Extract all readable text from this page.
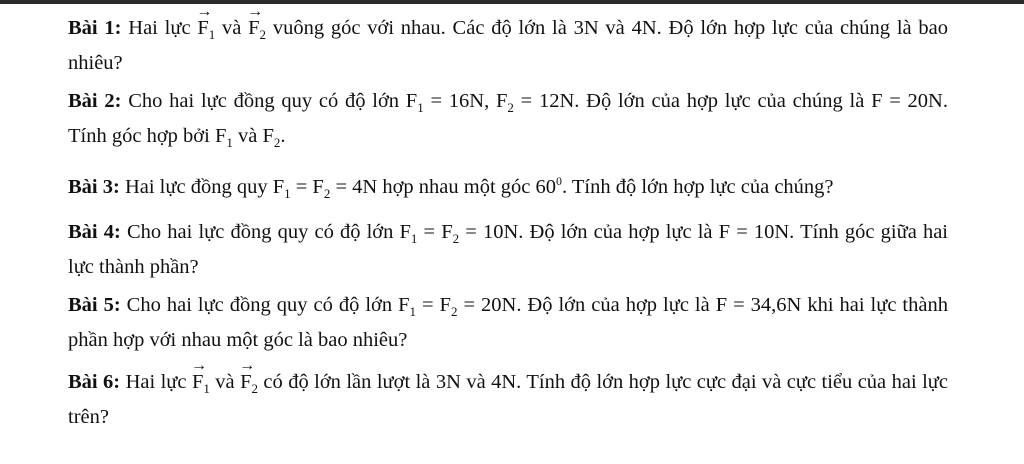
Bài 1: Hai lực
→
$F_1$ và
→
$F_2$ vuông góc với nhau. Các độ lớn là 3N và 4N. Độ lớn hợp lực của chúng là bao nhiêu?

Bài 2: Cho hai lực đồng quy có độ lớn $F_1 = 16N$, $F_2 = 12N$. Độ lớn của hợp lực của chúng là F = 20N. Tính góc hợp bởi $F_1$ và $F_2$.

Bài 3: Hai lực đồng quy $F_1 = F_2 = 4N$ hợp nhau một góc $60^0$. Tính độ lớn hợp lực của chúng?

Bài 4: Cho hai lực đồng quy có độ lớn $F_1 = F_2 = 10N$. Độ lớn của hợp lực là F = 10N. Tính góc giữa hai lực thành phần?

Bài 5: Cho hai lực đồng quy có độ lớn $F_1 = F_2 = 20N$. Độ lớn của hợp lực là F = 34,6N khi hai lực thành phần hợp với nhau một góc là bao nhiêu?

Bài 6: Hai lực
→
$F_1$ và
→
$F_2$ có độ lớn lần lượt là 3N và 4N. Tính độ lớn hợp lực cực đại và cực tiểu của hai lực trên?
